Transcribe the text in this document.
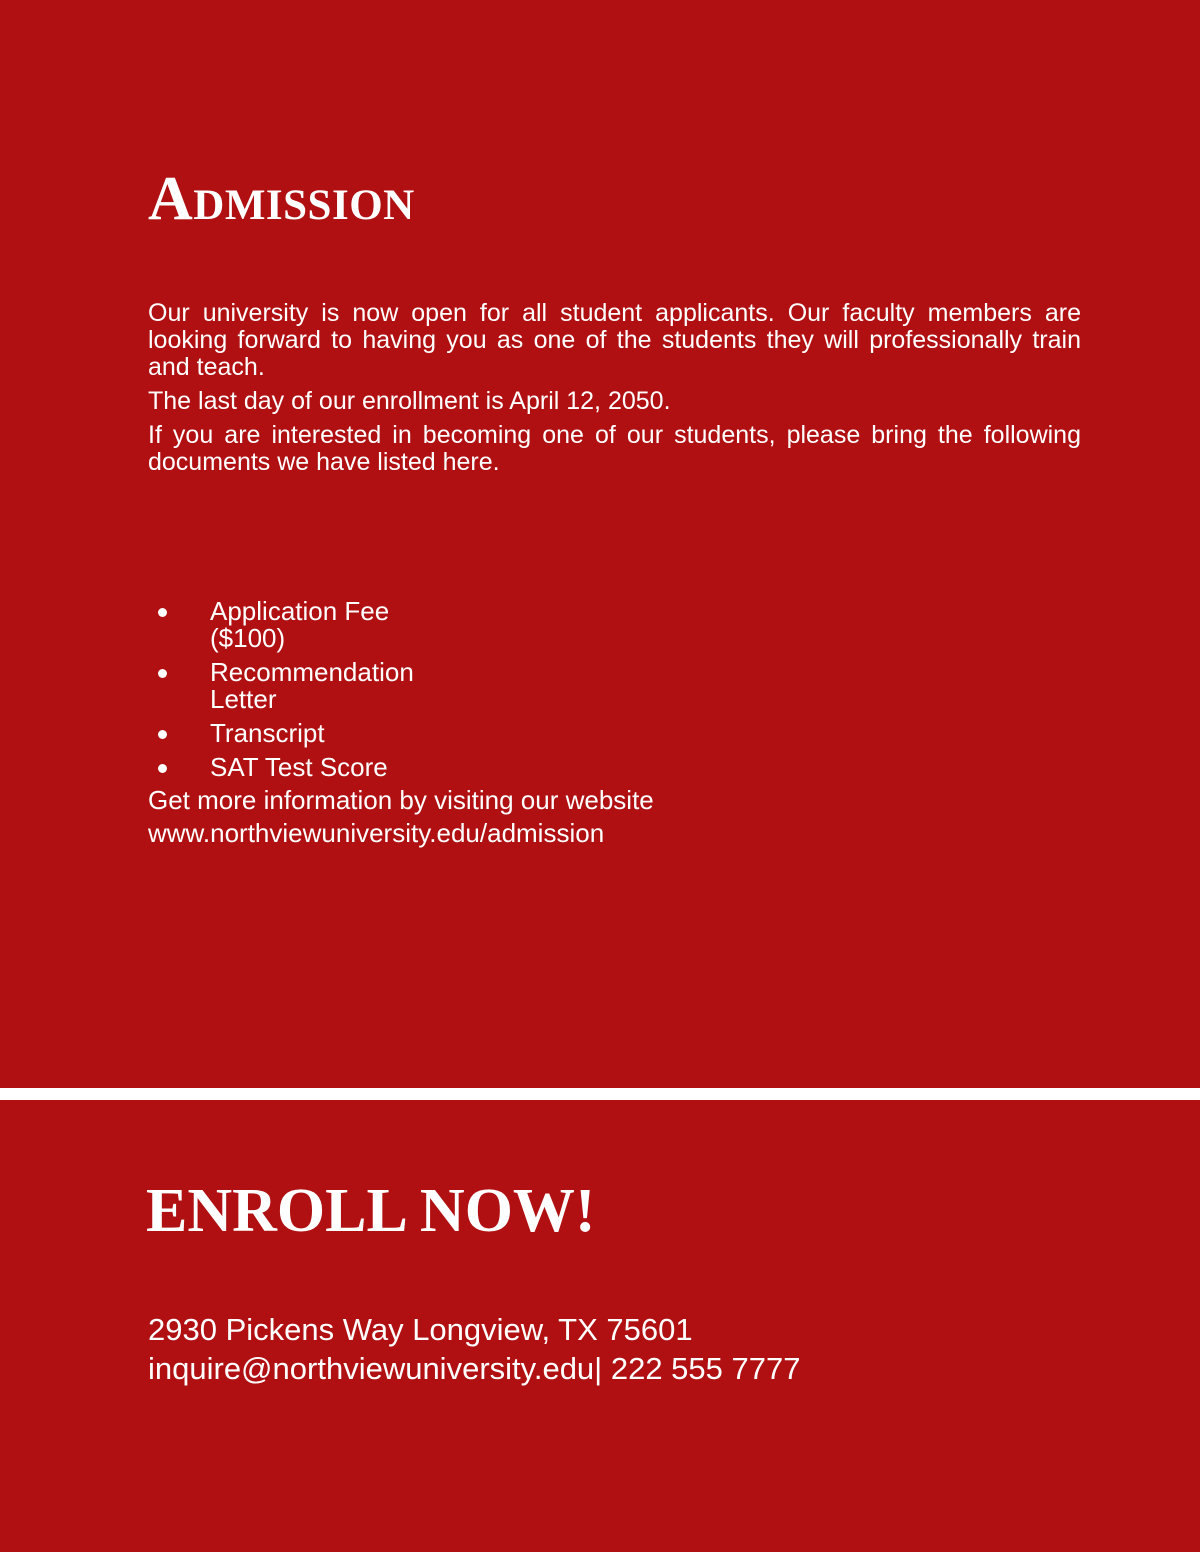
Admission

Our university is now open for all student applicants. Our faculty members are looking forward to having you as one of the students they will professionally train and teach.

The last day of our enrollment is April 12, 2050.

If you are interested in becoming one of our students, please bring the following documents we have listed here.

Application Fee ($100)
Recommendation Letter
Transcript
SAT Test Score
Get more information by visiting our website
www.northviewuniversity.edu/admission
ENROLL NOW!
2930 Pickens Way Longview, TX 75601
inquire@northviewuniversity.edu| 222 555 7777
